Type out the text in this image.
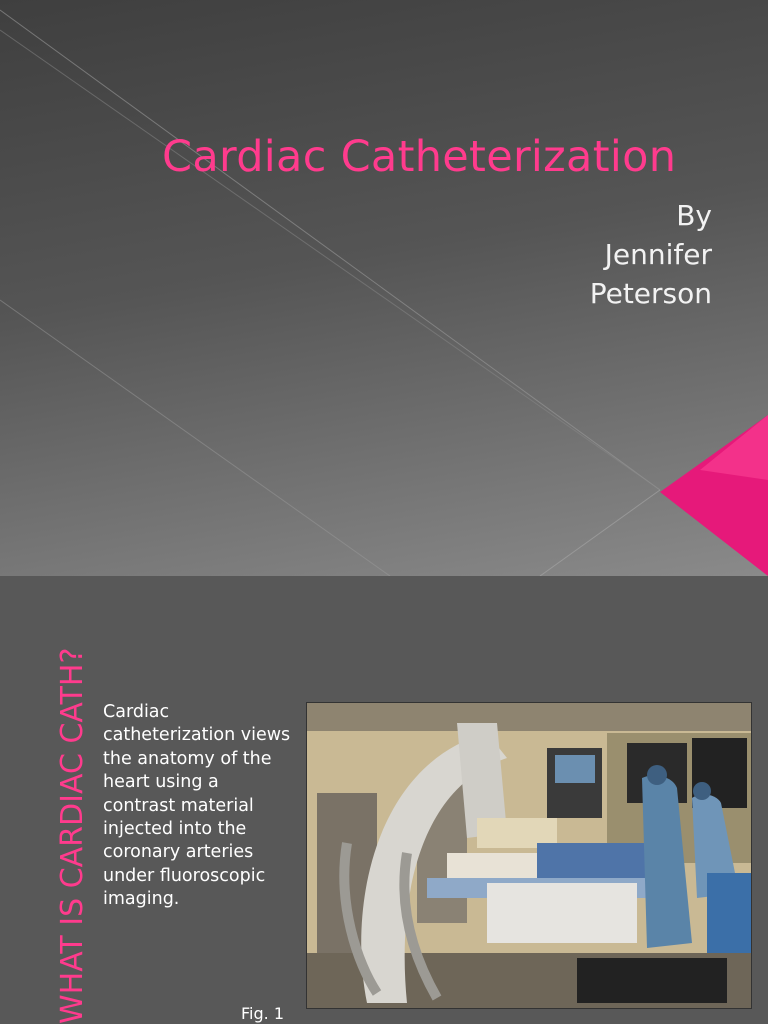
Cardiac Catheterization
By
Jennifer
Peterson
WHAT IS CARDIAC CATH? Cardiac catheterization views the anatomy of the heart using a contrast material injected into the coronary arteries under fluoroscopic imaging.
Fig. 1
